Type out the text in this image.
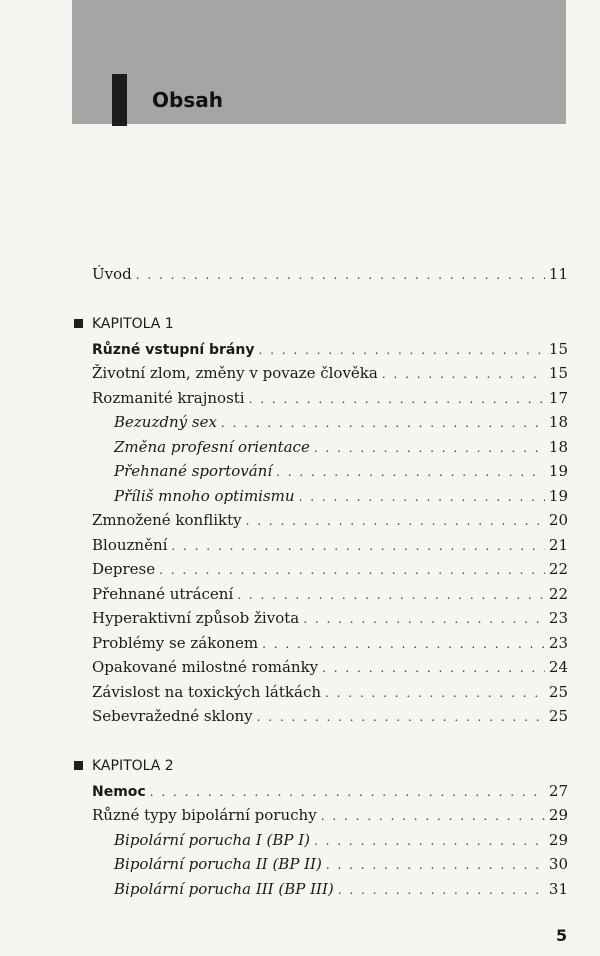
Obsah
Úvod . . .	11
KAPITOLA 1
Různé vstupní brány . . .	15
Životní zlom, změny v povaze člověka . . .	15
Rozmanité krajnosti . . .	17
Bezuzdný sex . . .	18
Změna profesní orientace . . .	18
Přehnané sportování . . .	19
Příliš mnoho optimismu . . .	19
Zmnožené konflikty . . .	20
Blouznění . . .	21
Deprese . . .	22
Přehnané utrácení . . .	22
Hyperaktivní způsob života . . .	23
Problémy se zákonem . . .	23
Opakované milostné románky . . .	24
Závislost na toxických látkách . . .	25
Sebevražedné sklony . . .	25
KAPITOLA 2
Nemoc . . .	27
Různé typy bipolární poruchy . . .	29
Bipolární porucha I (BP I) . . .	29
Bipolární porucha II (BP II) . . .	30
Bipolární porucha III (BP III) . . .	31
5
